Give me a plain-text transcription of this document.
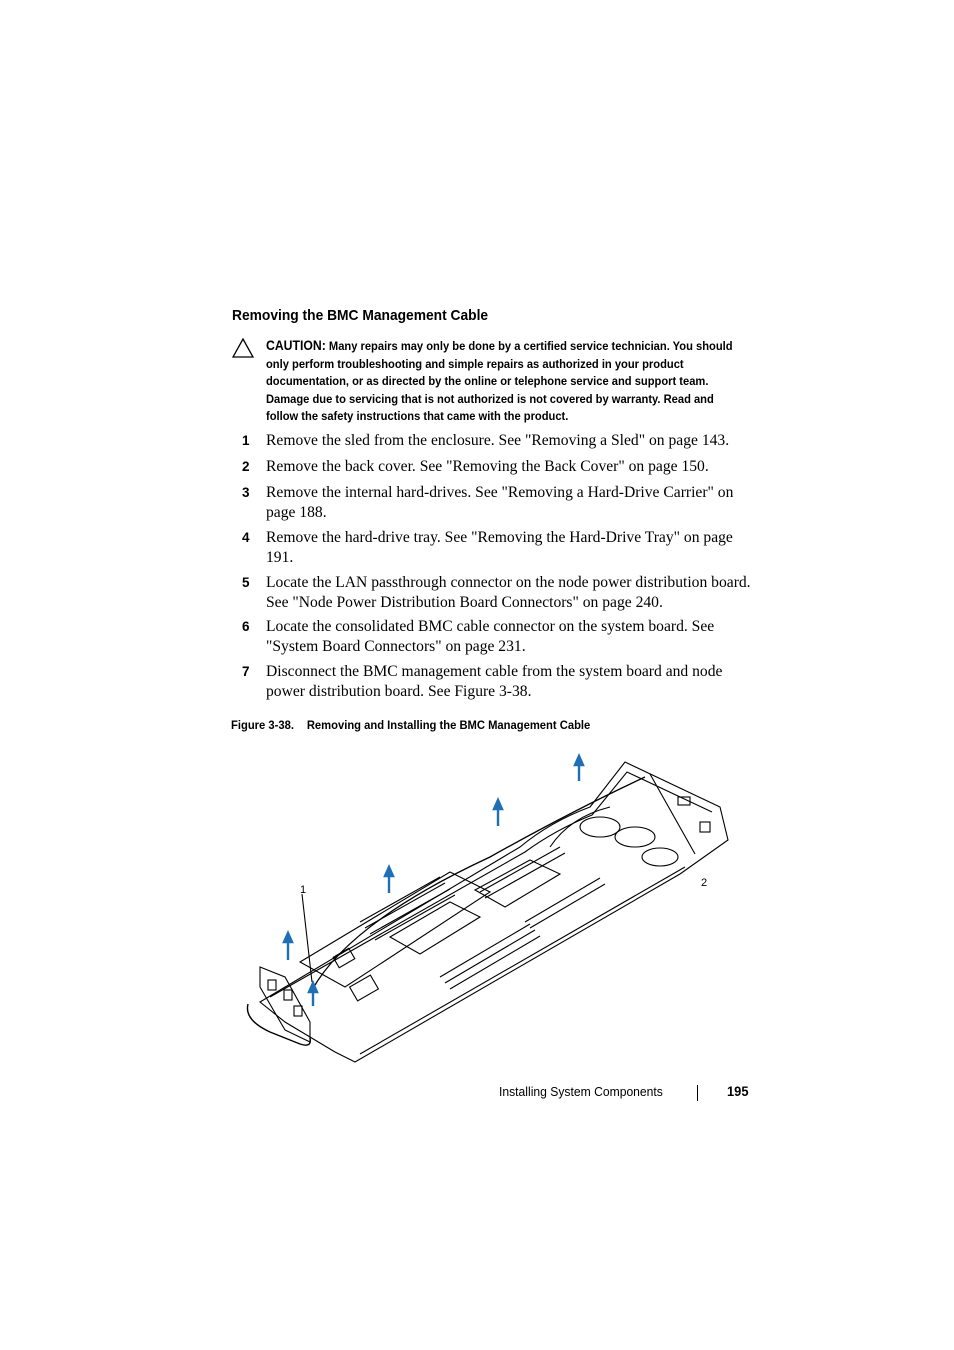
Removing the BMC Management Cable
CAUTION: Many repairs may only be done by a certified service technician. You should only perform troubleshooting and simple repairs as authorized in your product documentation, or as directed by the online or telephone service and support team. Damage due to servicing that is not authorized is not covered by warranty. Read and follow the safety instructions that came with the product.
1 Remove the sled from the enclosure. See "Removing a Sled" on page 143.
2 Remove the back cover. See "Removing the Back Cover" on page 150.
3 Remove the internal hard-drives. See "Removing a Hard-Drive Carrier" on page 188.
4 Remove the hard-drive tray. See "Removing the Hard-Drive Tray" on page 191.
5 Locate the LAN passthrough connector on the node power distribution board. See "Node Power Distribution Board Connectors" on page 240.
6 Locate the consolidated BMC cable connector on the system board. See "System Board Connectors" on page 231.
7 Disconnect the BMC management cable from the system board and node power distribution board. See Figure 3-38.
Figure 3-38. Removing and Installing the BMC Management Cable
1
2
Installing System Components	195
